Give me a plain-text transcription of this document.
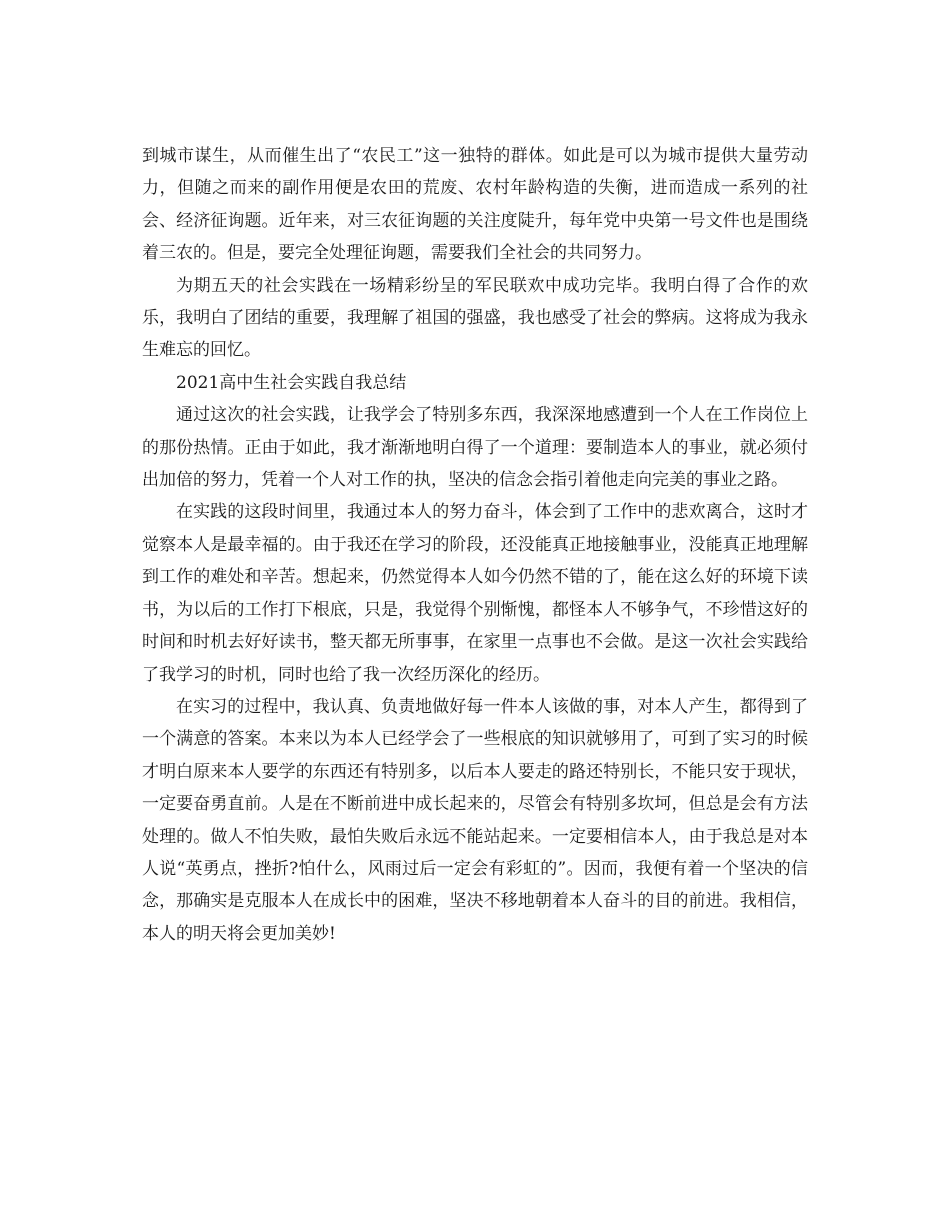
到城市谋生，从而催生出了“农民工”这一独特的群体。如此是可以为城市提供大量劳动力，但随之而来的副作用便是农田的荒废、农村年龄构造的失衡，进而造成一系列的社会、经济征询题。近年来，对三农征询题的关注度陡升，每年党中央第一号文件也是围绕着三农的。但是，要完全处理征询题，需要我们全社会的共同努力。

为期五天的社会实践在一场精彩纷呈的军民联欢中成功完毕。我明白得了合作的欢乐，我明白了团结的重要，我理解了祖国的强盛，我也感受了社会的弊病。这将成为我永生难忘的回忆。

2021高中生社会实践自我总结

通过这次的社会实践，让我学会了特别多东西，我深深地感遭到一个人在工作岗位上的那份热情。正由于如此，我才渐渐地明白得了一个道理：要制造本人的事业，就必须付出加倍的努力，凭着一个人对工作的执，坚决的信念会指引着他走向完美的事业之路。

在实践的这段时间里，我通过本人的努力奋斗，体会到了工作中的悲欢离合，这时才觉察本人是最幸福的。由于我还在学习的阶段，还没能真正地接触事业，没能真正地理解到工作的难处和辛苦。想起来，仍然觉得本人如今仍然不错的了，能在这么好的环境下读书，为以后的工作打下根底，只是，我觉得个别惭愧，都怪本人不够争气，不珍惜这好的时间和时机去好好读书，整天都无所事事，在家里一点事也不会做。是这一次社会实践给了我学习的时机，同时也给了我一次经历深化的经历。

在实习的过程中，我认真、负责地做好每一件本人该做的事，对本人产生，都得到了一个满意的答案。本来以为本人已经学会了一些根底的知识就够用了，可到了实习的时候才明白原来本人要学的东西还有特别多，以后本人要走的路还特别长，不能只安于现状，一定要奋勇直前。人是在不断前进中成长起来的，尽管会有特别多坎坷，但总是会有方法处理的。做人不怕失败，最怕失败后永远不能站起来。一定要相信本人，由于我总是对本人说“英勇点，挫折?怕什么，风雨过后一定会有彩虹的”。因而，我便有着一个坚决的信念，那确实是克服本人在成长中的困难，坚决不移地朝着本人奋斗的目的前进。我相信，本人的明天将会更加美妙!
